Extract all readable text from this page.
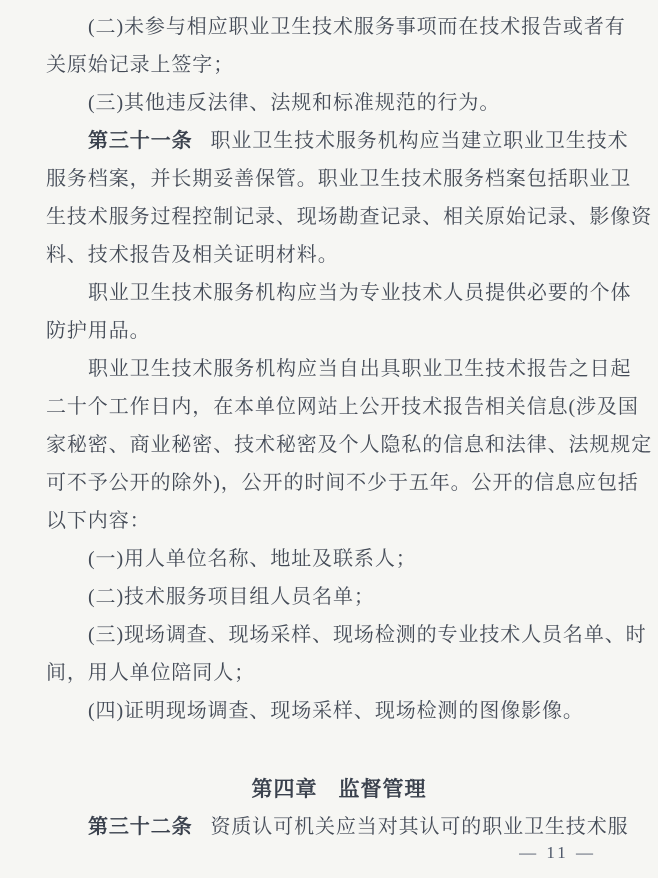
(二)未参与相应职业卫生技术服务事项而在技术报告或者有

关原始记录上签字；

(三)其他违反法律、法规和标准规范的行为。

第三十一条 职业卫生技术服务机构应当建立职业卫生技术

服务档案，并长期妥善保管。职业卫生技术服务档案包括职业卫

生技术服务过程控制记录、现场勘查记录、相关原始记录、影像资

料、技术报告及相关证明材料。

职业卫生技术服务机构应当为专业技术人员提供必要的个体

防护用品。

职业卫生技术服务机构应当自出具职业卫生技术报告之日起

二十个工作日内，在本单位网站上公开技术报告相关信息(涉及国

家秘密、商业秘密、技术秘密及个人隐私的信息和法律、法规规定

可不予公开的除外)，公开的时间不少于五年。公开的信息应包括

以下内容：

(一)用人单位名称、地址及联系人；

(二)技术服务项目组人员名单；

(三)现场调查、现场采样、现场检测的专业技术人员名单、时

间，用人单位陪同人；

(四)证明现场调查、现场采样、现场检测的图像影像。

第四章 监督管理

第三十二条 资质认可机关应当对其认可的职业卫生技术服

— 11 —
